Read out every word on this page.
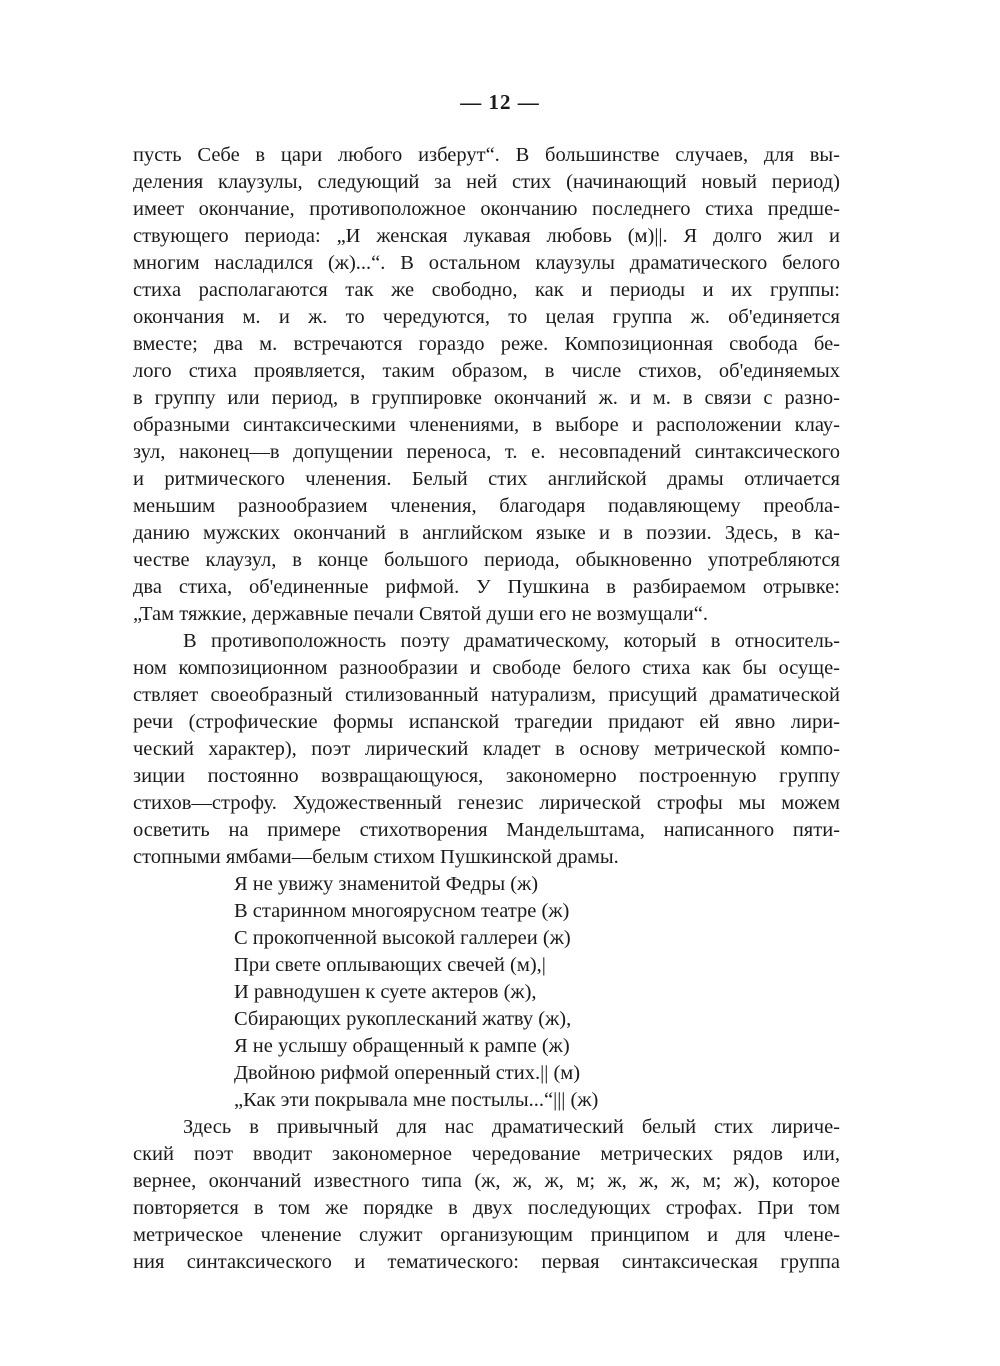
— 12 —
пусть Себе в цари любого изберут“. В большинстве случаев, для вы-
деления клаузулы, следующий за ней стих (начинающий новый период)
имеет окончание, противоположное окончанию последнего стиха предше-
ствующего периода: „И женская лукавая любовь (м)||. Я долго жил и
многим насладился (ж)...“. В остальном клаузулы драматического белого
стиха располагаются так же свободно, как и периоды и их группы:
окончания м. и ж. то чередуются, то целая группа ж. об'единяется
вместе; два м. встречаются гораздо реже. Композиционная свобода бе-
лого стиха проявляется, таким образом, в числе стихов, об'единяемых
в группу или период, в группировке окончаний ж. и м. в связи с разно-
образными синтаксическими членениями, в выборе и расположении клау-
зул, наконец—в допущении переноса, т. е. несовпадений синтаксического
и ритмического членения. Белый стих английской драмы отличается
меньшим разнообразием членения, благодаря подавляющему преобла-
данию мужских окончаний в английском языке и в поэзии. Здесь, в ка-
честве клаузул, в конце большого периода, обыкновенно употребляются
два стиха, об'единенные рифмой. У Пушкина в разбираемом отрывке:
„Там тяжкие, державные печали Святой души его не возмущали“.
В противоположность поэту драматическому, который в относитель-
ном композиционном разнообразии и свободе белого стиха как бы осуще-
ствляет своеобразный стилизованный натурализм, присущий драматической
речи (строфические формы испанской трагедии придают ей явно лири-
ческий характер), поэт лирический кладет в основу метрической компо-
зиции постоянно возвращающуюся, закономерно построенную группу
стихов—строфу. Художественный генезис лирической строфы мы можем
осветить на примере стихотворения Мандельштама, написанного пяти-
стопными ямбами—белым стихом Пушкинской драмы.
Я не увижу знаменитой Федры (ж)
В старинном многоярусном театре (ж)
С прокопченной высокой галлереи (ж)
При свете оплывающих свечей (м),|
И равнодушен к суете актеров (ж),
Сбирающих рукоплесканий жатву (ж),
Я не услышу обращенный к рампе (ж)
Двойною рифмой оперенный стих.|| (м)
„Как эти покрывала мне постылы...“||| (ж)
Здесь в привычный для нас драматический белый стих лириче-
ский поэт вводит закономерное чередование метрических рядов или,
вернее, окончаний известного типа (ж, ж, ж, м; ж, ж, ж, м; ж), которое
повторяется в том же порядке в двух последующих строфах. При том
метрическое членение служит организующим принципом и для члене-
ния синтаксического и тематического: первая синтаксическая группа
